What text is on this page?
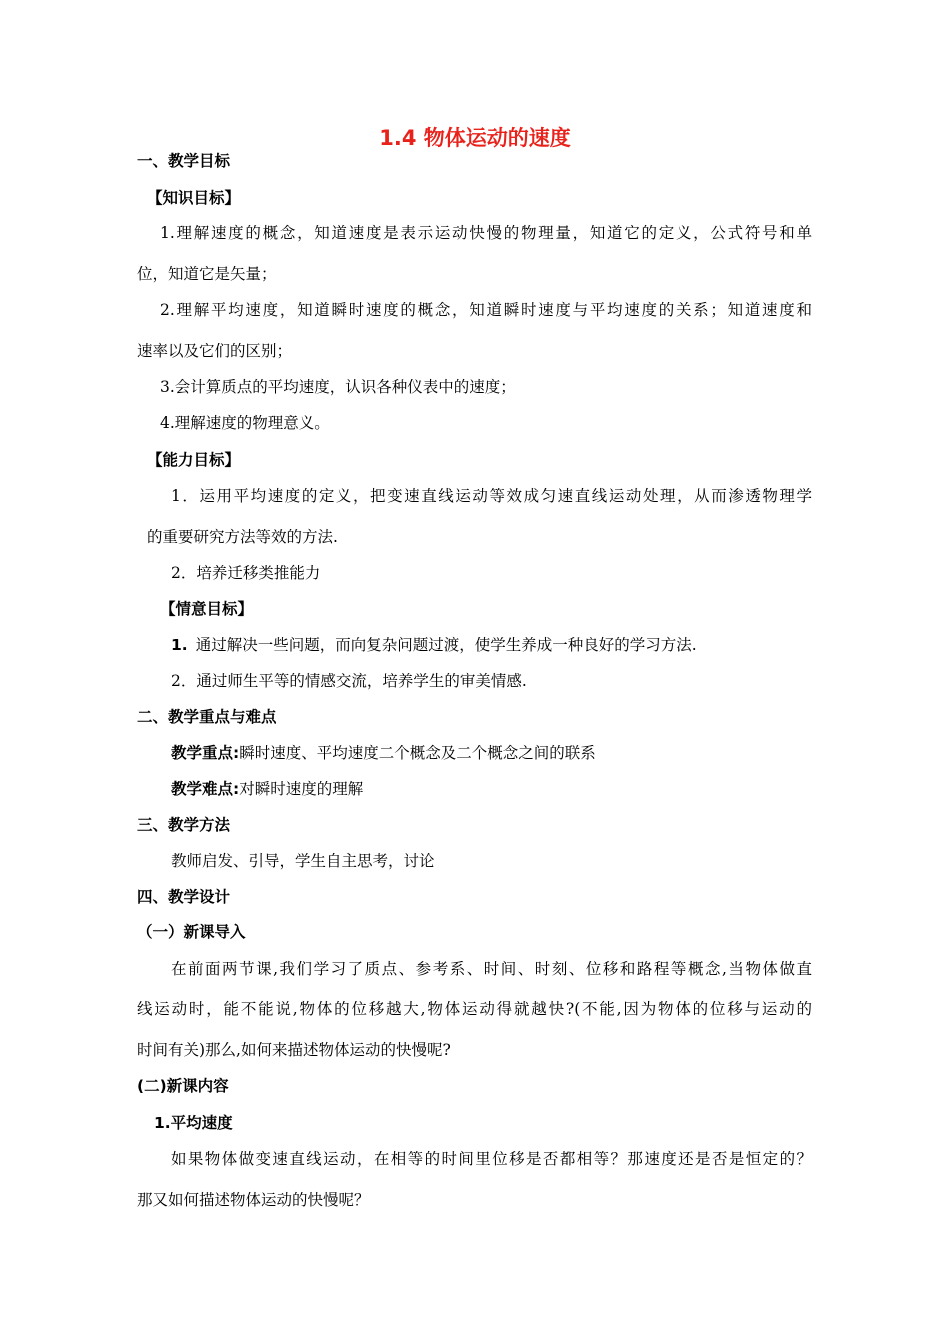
1.4 物体运动的速度
一、教学目标
【知识目标】
1.理解速度的概念，知道速度是表示运动快慢的物理量，知道它的定义，公式符号和单
位，知道它是矢量；
2.理解平均速度，知道瞬时速度的概念，知道瞬时速度与平均速度的关系；知道速度和
速率以及它们的区别；
3.会计算质点的平均速度，认识各种仪表中的速度；
4.理解速度的物理意义。
【能力目标】
1．运用平均速度的定义，把变速直线运动等效成匀速直线运动处理，从而渗透物理学
的重要研究方法等效的方法.
2．培养迁移类推能力
【情意目标】
1. 通过解决一些问题，而向复杂问题过渡，使学生养成一种良好的学习方法.
2．通过师生平等的情感交流，培养学生的审美情感.
二、教学重点与难点
教学重点:瞬时速度、平均速度二个概念及二个概念之间的联系
教学难点:对瞬时速度的理解
三、教学方法
教师启发、引导，学生自主思考，讨论
四、教学设计
（一）新课导入
在前面两节课,我们学习了质点、参考系、时间、时刻、位移和路程等概念,当物体做直
线运动时，能不能说,物体的位移越大,物体运动得就越快?(不能,因为物体的位移与运动的
时间有关)那么,如何来描述物体运动的快慢呢?
(二)新课内容
1.平均速度
如果物体做变速直线运动，在相等的时间里位移是否都相等？那速度还是否是恒定的？
那又如何描述物体运动的快慢呢？
